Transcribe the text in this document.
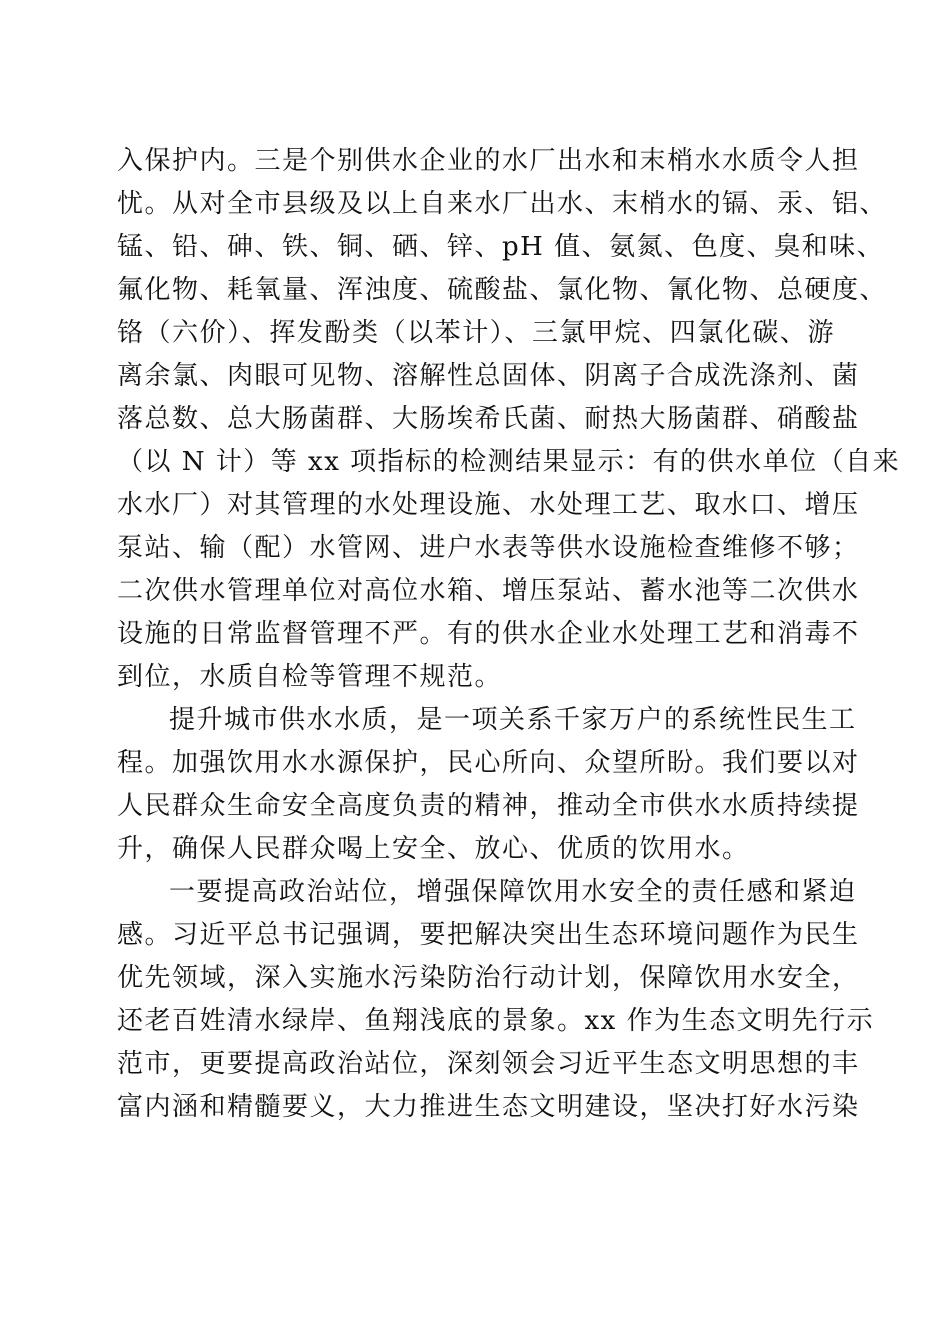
入保护内。三是个别供水企业的水厂出水和末梢水水质令人担
忧。从对全市县级及以上自来水厂出水、末梢水的镉、汞、铝、
锰、铅、砷、铁、铜、硒、锌、pH 值、氨氮、色度、臭和味、
氟化物、耗氧量、浑浊度、硫酸盐、氯化物、氰化物、总硬度、
铬（六价）、挥发酚类（以苯计）、三氯甲烷、四氯化碳、游
离余氯、肉眼可见物、溶解性总固体、阴离子合成洗涤剂、菌
落总数、总大肠菌群、大肠埃希氏菌、耐热大肠菌群、硝酸盐
（以 N 计）等 xx 项指标的检测结果显示：有的供水单位（自来
水水厂）对其管理的水处理设施、水处理工艺、取水口、增压
泵站、输（配）水管网、进户水表等供水设施检查维修不够；
二次供水管理单位对高位水箱、增压泵站、蓄水池等二次供水
设施的日常监督管理不严。有的供水企业水处理工艺和消毒不
到位，水质自检等管理不规范。
提升城市供水水质，是一项关系千家万户的系统性民生工
程。加强饮用水水源保护，民心所向、众望所盼。我们要以对
人民群众生命安全高度负责的精神，推动全市供水水质持续提
升，确保人民群众喝上安全、放心、优质的饮用水。
一要提高政治站位，增强保障饮用水安全的责任感和紧迫
感。习近平总书记强调，要把解决突出生态环境问题作为民生
优先领域，深入实施水污染防治行动计划，保障饮用水安全，
还老百姓清水绿岸、鱼翔浅底的景象。xx 作为生态文明先行示
范市，更要提高政治站位，深刻领会习近平生态文明思想的丰
富内涵和精髓要义，大力推进生态文明建设，坚决打好水污染
